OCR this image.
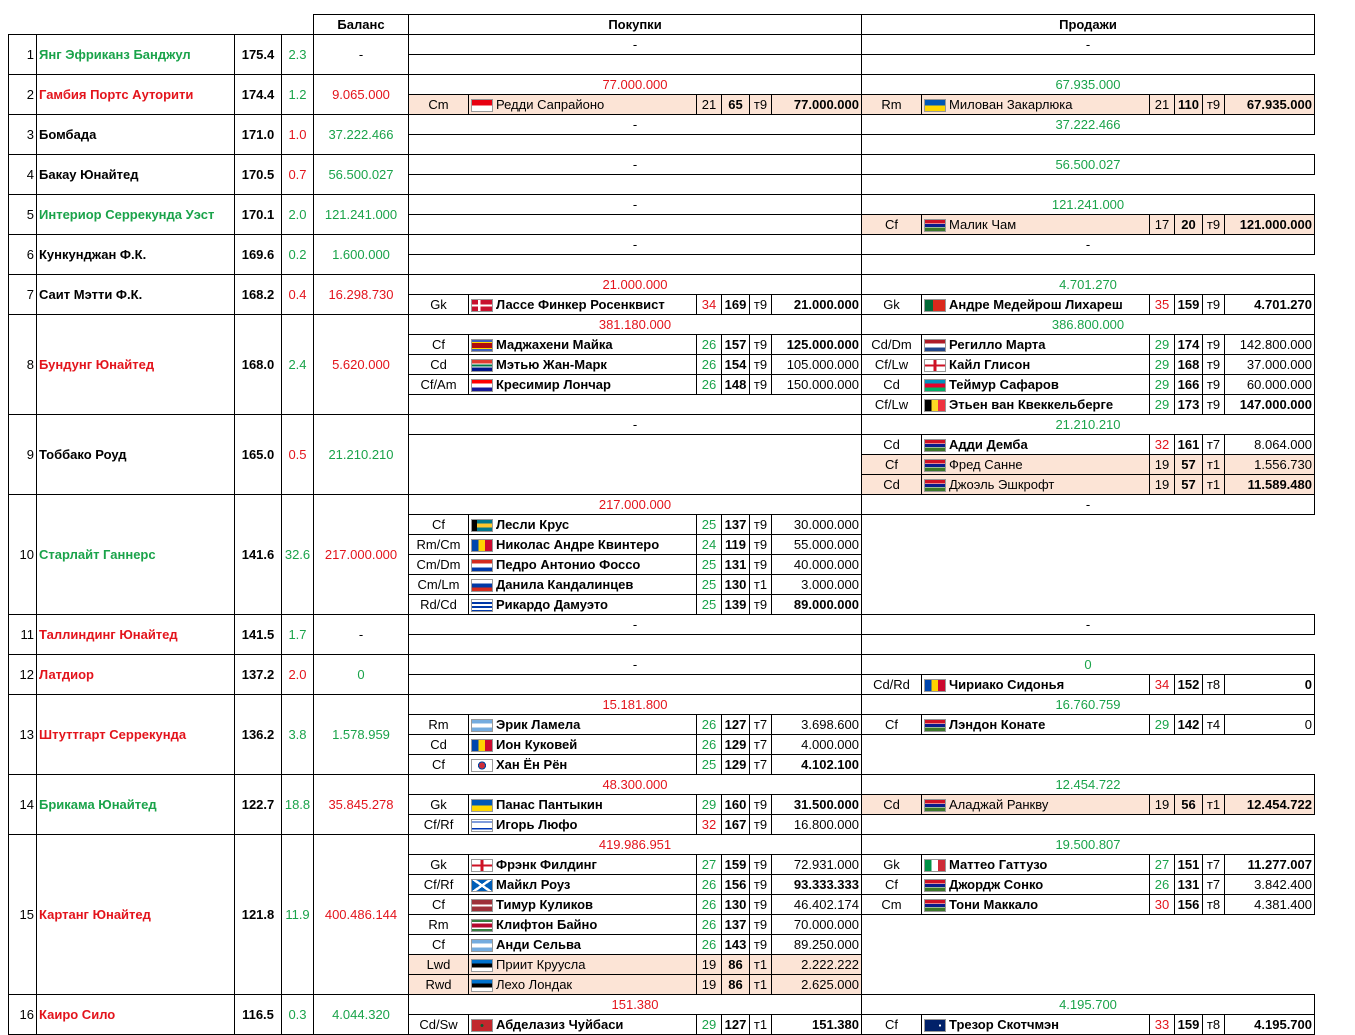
				Баланс	Покупки						Продажи					
1	Янг Эфриканз Банджул	175.4	2.3	-	-						-					

2	Гамбия Портс Ауторити	174.4	1.2	9.065.000	77.000.000						67.935.000					
					Cm	Редди Сапрайоно	21	65	т9	77.000.000	Rm	Милован Закарлюка	21	110	т9	67.935.000
3	Бомбада	171.0	1.0	37.222.466	-						37.222.466					

4	Бакау Юнайтед	170.5	0.7	56.500.027	-						56.500.027					

5	Интериор Серрекунда Уэст	170.1	2.0	121.241.000	-						121.241.000					
											Cf	Малик Чам	17	20	т9	121.000.000
6	Кункунджан Ф.К.	169.6	0.2	1.600.000	-						-					

7	Саит Мэтти Ф.К.	168.2	0.4	16.298.730	21.000.000						4.701.270					
					Gk	Лассе Финкер Росенквист	34	169	т9	21.000.000	Gk	Андре Медейрош Лихареш	35	159	т9	4.701.270
8	Бундунг Юнайтед	168.0	2.4	5.620.000	381.180.000						386.800.000					
					Cf	Маджахени Майка	26	157	т9	125.000.000	Cd/Dm	Регилло Марта	29	174	т9	142.800.000
					Cd	Мэтью Жан-Марк	26	154	т9	105.000.000	Cf/Lw	Кайл Глисон	29	168	т9	37.000.000
					Cf/Am	Кресимир Лончар	26	148	т9	150.000.000	Cd	Теймур Сафаров	29	166	т9	60.000.000
											Cf/Lw	Этьен ван Квеккельберге	29	173	т9	147.000.000
9	Тоббако Роуд	165.0	0.5	21.210.210	-						21.210.210					
											Cd	Адди Демба	32	161	т7	8.064.000
											Cf	Фред Санне	19	57	т1	1.556.730
											Cd	Джоэль Эшкрофт	19	57	т1	11.589.480
10	Старлайт Ганнерс	141.6	32.6	217.000.000	217.000.000						-					
					Cf	Лесли Крус	25	137	т9	30.000.000						
					Rm/Cm	Николас Андре Квинтеро	24	119	т9	55.000.000						
					Cm/Dm	Педро Антонио Фоссо	25	131	т9	40.000.000						
					Cm/Lm	Данила Кандалинцев	25	130	т1	3.000.000						
					Rd/Cd	Рикардо Дамуэто	25	139	т9	89.000.000						
11	Таллиндинг Юнайтед	141.5	1.7	-	-						-					

12	Латдиор	137.2	2.0	0	-						0					
											Cd/Rd	Чириако Сидонья	34	152	т8	0
13	Штуттгарт Серрекунда	136.2	3.8	1.578.959	15.181.800						16.760.759					
					Rm	Эрик Ламела	26	127	т7	3.698.600	Cf	Лэндон Конате	29	142	т4	0
					Cd	Ион Куковей	26	129	т7	4.000.000						
					Cf	Хан Ён Рён	25	129	т7	4.102.100						
14	Брикама Юнайтед	122.7	18.8	35.845.278	48.300.000						12.454.722					
					Gk	Панас Пантыкин	29	160	т9	31.500.000	Cd	Аладжай Ранкву	19	56	т1	12.454.722
					Cf/Rf	Игорь Люфо	32	167	т9	16.800.000						
15	Картанг Юнайтед	121.8	11.9	400.486.144	419.986.951						19.500.807					
					Gk	Фрэнк Филдинг	27	159	т9	72.931.000	Gk	Маттео Гаттузо	27	151	т7	11.277.007
					Cf/Rf	Майкл Роуз	26	156	т9	93.333.333	Cf	Джордж Сонко	26	131	т7	3.842.400
					Cf	Тимур Куликов	26	130	т9	46.402.174	Cm	Тони Маккало	30	156	т8	4.381.400
					Rm	Клифтон Байно	26	137	т9	70.000.000						
					Cf	Анди Сельва	26	143	т9	89.250.000						
					Lwd	Приит Круусла	19	86	т1	2.222.222						
					Rwd	Лехо Лондак	19	86	т1	2.625.000						
16	Каиро Сило	116.5	0.3	4.044.320	151.380						4.195.700					
					Cd/Sw	Абделазиз Чуйбаси	29	127	т1	151.380	Cf	Трезор Скотчмэн	33	159	т8	4.195.700
